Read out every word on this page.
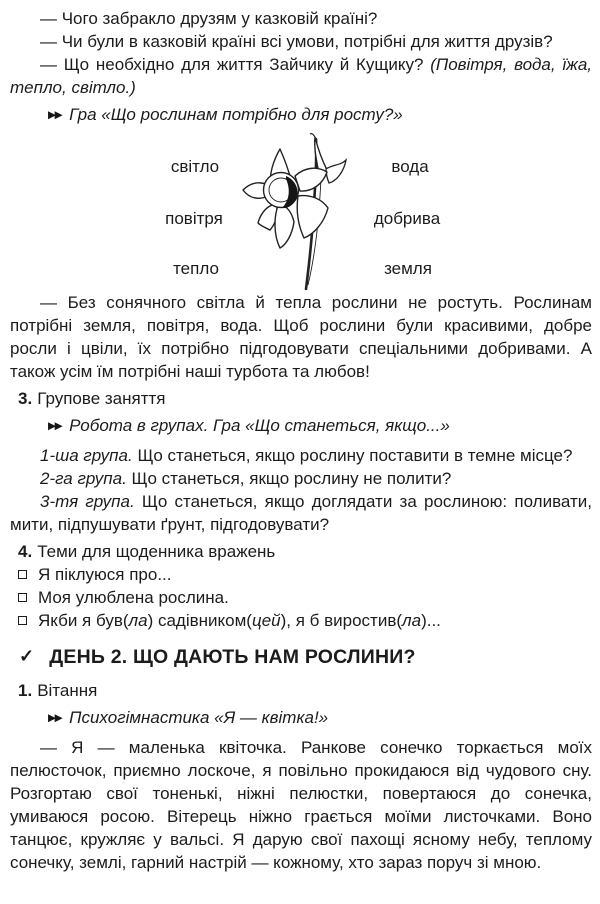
— Чого забракло друзям у казковій країні?

— Чи були в казковій країні всі умови, потрібні для життя друзів?

— Що необхідно для життя Зайчику й Кущику? (Повітря, вода, їжа, тепло, світло.)

▶▶ Гра «Що рослинам потрібно для росту?»

світло
повітря
тепло
вода
добрива
земля

— Без сонячного світла й тепла рослини не ростуть. Рослинам потрібні земля, повітря, вода. Щоб рослини були красивими, добре росли і цвіли, їх потрібно підгодовувати спеціальними добривами. А також усім їм потрібні наші турбота та любов!

3. Групове заняття

▶▶ Робота в групах. Гра «Що станеться, якщо...»

1-ша група. Що станеться, якщо рослину поставити в темне місце?

2-га група. Що станеться, якщо рослину не полити?

3-тя група. Що станеться, якщо доглядати за рослиною: поливати, мити, підпушувати ґрунт, підгодовувати?

4. Теми для щоденника вражень

Я піклуюся про...

Моя улюблена рослина.

Якби я був(ла) садівником(цей), я б виростив(ла)...

✓ ДЕНЬ 2. ЩО ДАЮТЬ НАМ РОСЛИНИ?

1. Вітання

▶▶ Психогімнастика «Я — квітка!»

— Я — маленька квіточка. Ранкове сонечко торкається моїх пелюсточок, приємно лоскоче, я повільно прокидаюся від чудового сну. Розгортаю свої тоненькі, ніжні пелюстки, повертаюся до сонечка, умиваюся росою. Вітерець ніжно грається моїми листочками. Воно танцює, кружляє у вальсі. Я дарую свої пахощі ясному небу, теплому сонечку, землі, гарний настрій — кожному, хто зараз поруч зі мною.
